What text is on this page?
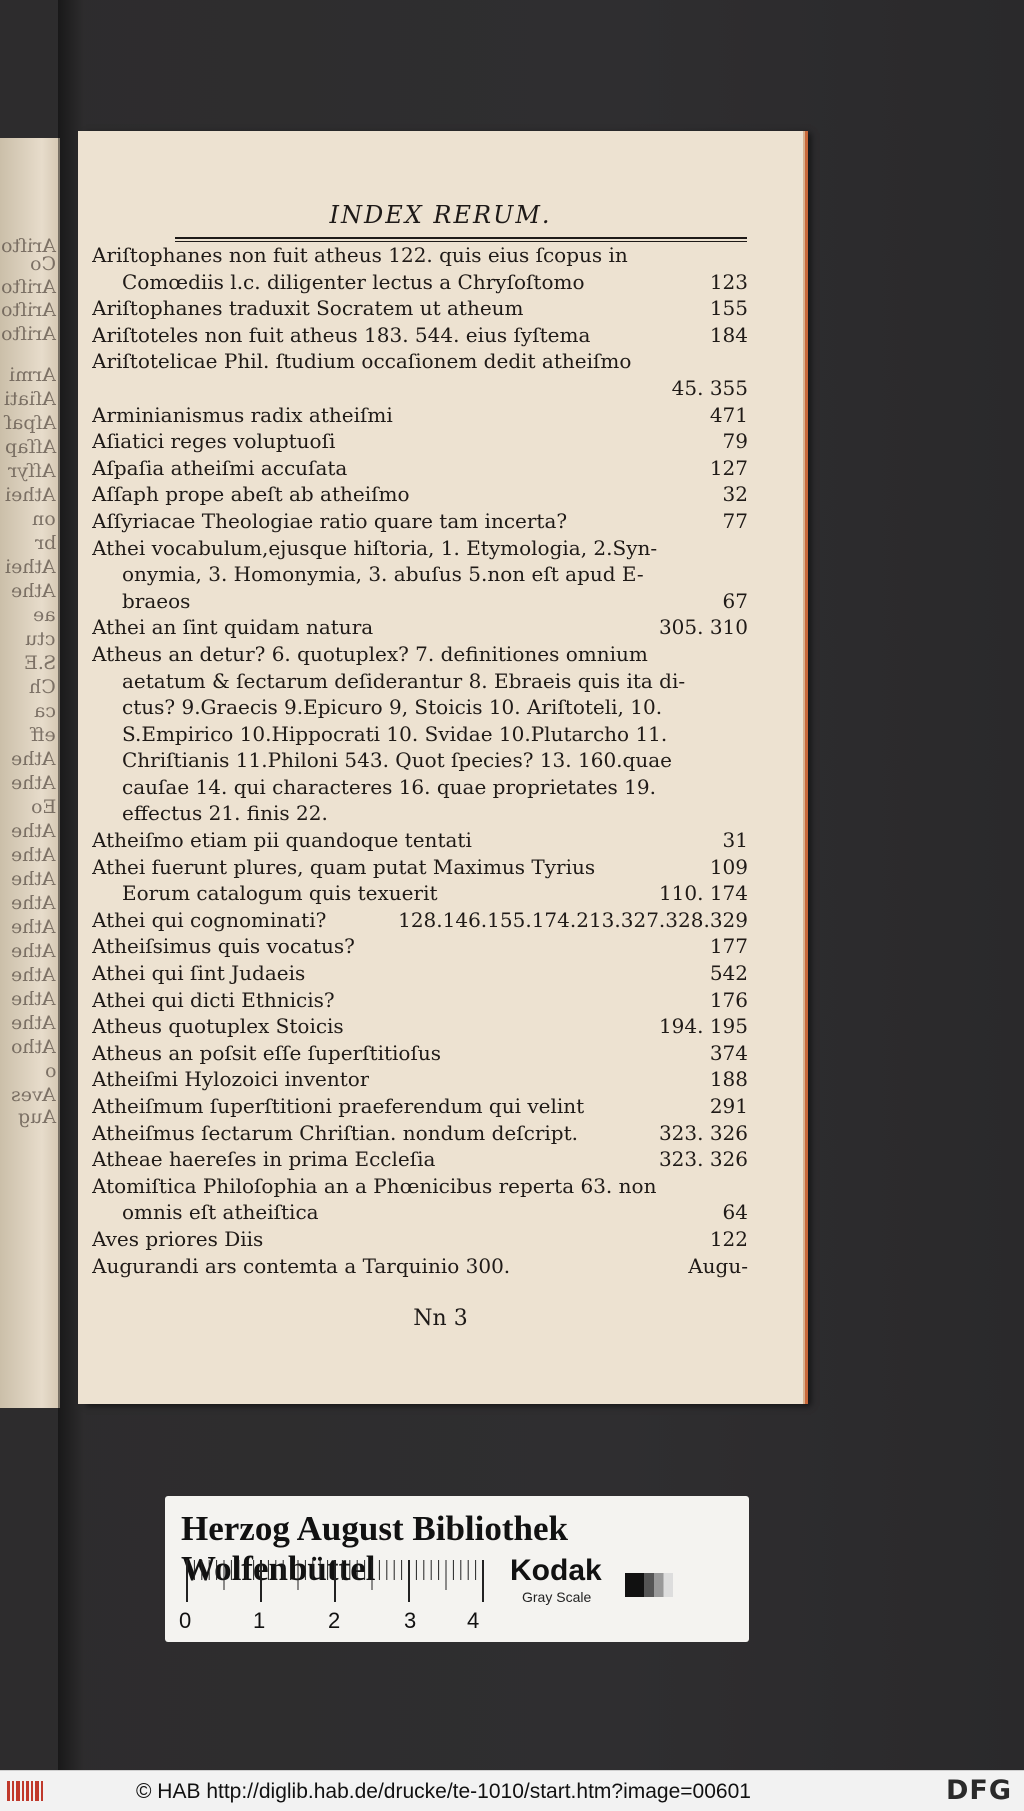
Ariſto
Co
Ariſto
Ariſto
Ariſto
Armi
Aſiati
Aſpaſ
Aſſap
Aſſyr
Athei
on
br
Athei
Athe
ae
ctu
S.E
Ch
ca
eff
Athe
Athe
Eo
Athe
Athe
Athe
Athe
Athe
Athe
Athe
Athe
Athe
Atho
o
Aves
Aug
INDEX RERUM.
Ariſtophanes non fuit atheus 122. quis eius ſcopus in
Comœdiis l.c. diligenter lectus a Chryſoſtomo	123
Ariſtophanes traduxit Socratem ut atheum	155
Ariſtoteles non fuit atheus 183. 544. eius ſyſtema	184
Ariſtotelicae Phil. ſtudium occaſionem dedit atheiſmo
45. 355
Arminianismus radix atheiſmi	471
Aſiatici reges voluptuoſi	79
Aſpaſia atheiſmi accuſata	127
Aſſaph prope abeſt ab atheiſmo	32
Aſſyriacae Theologiae ratio quare tam incerta?	77
Athei vocabulum,ejusque hiſtoria, 1. Etymologia, 2.Syn-
onymia, 3. Homonymia, 3. abuſus 5.non eſt apud E-
braeos	67
Athei an ſint quidam natura	305. 310
Atheus an detur? 6. quotuplex? 7. definitiones omnium
aetatum & ſectarum deſiderantur 8. Ebraeis quis ita di-
ctus? 9.Graecis 9.Epicuro 9, Stoicis 10. Ariſtoteli, 10.
S.Empirico 10.Hippocrati 10. Svidae 10.Plutarcho 11.
Chriſtianis 11.Philoni 543. Quot ſpecies? 13. 160.quae
cauſae 14. qui characteres 16. quae proprietates 19.
effectus 21. finis 22.
Atheiſmo etiam pii quandoque tentati	31
Athei fuerunt plures, quam putat Maximus Tyrius	109
Eorum catalogum quis texuerit	110. 174
Athei qui cognominati?	128.146.155.174.213.327.328.329
Atheiſsimus quis vocatus?	177
Athei qui ſint Judaeis	542
Athei qui dicti Ethnicis?	176
Atheus quotuplex Stoicis	194. 195
Atheus an poſsit eſſe ſuperſtitioſus	374
Atheiſmi Hylozoici inventor	188
Atheiſmum ſuperſtitioni praeferendum qui velint	291
Atheiſmus ſectarum Chriſtian. nondum deſcript.	323. 326
Atheae haereſes in prima Eccleſia	323. 326
Atomiſtica Philoſophia an a Phœnicibus reperta 63. non
omnis eſt atheiſtica	64
Aves priores Diis	122
Augurandi ars contemta a Tarquinio 300.	Augu-
Nn 3
Herzog August Bibliothek Wolfenbüttel
0	1	2	3 4
Kodak
Gray Scale
© HAB http://diglib.hab.de/drucke/te-1010/start.htm?image=00601	DFG
